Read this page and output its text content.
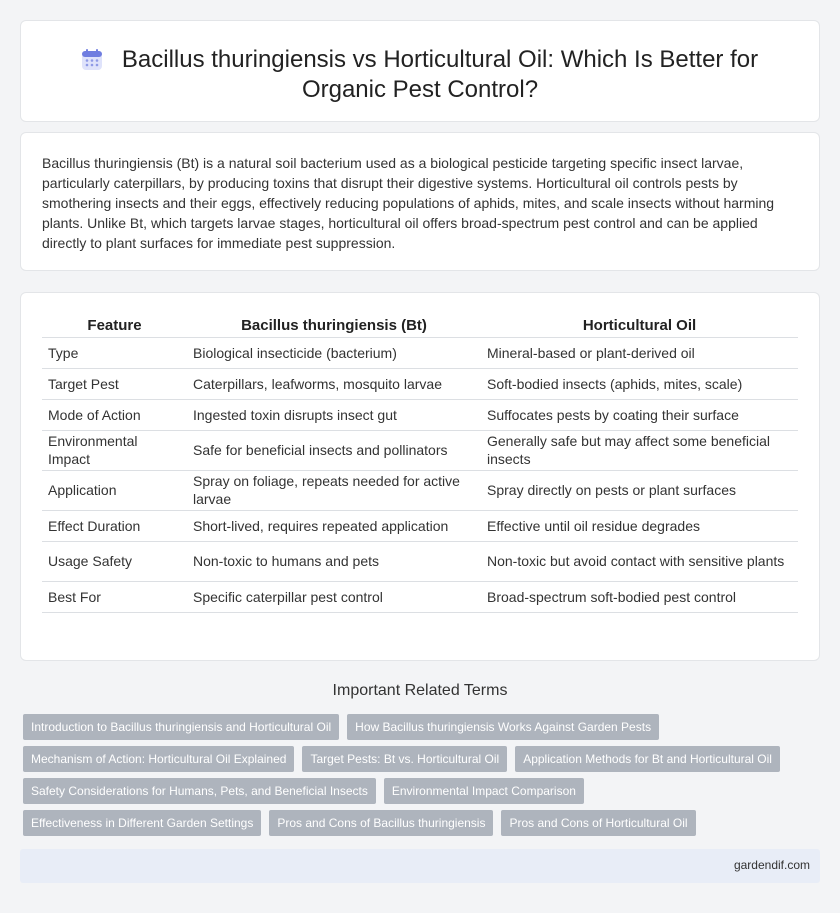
Bacillus thuringiensis vs Horticultural Oil: Which Is Better for
Organic Pest Control?

Bacillus thuringiensis (Bt) is a natural soil bacterium used as a biological pesticide targeting specific insect larvae, particularly caterpillars, by producing toxins that disrupt their digestive systems. Horticultural oil controls pests by smothering insects and their eggs, effectively reducing populations of aphids, mites, and scale insects without harming plants. Unlike Bt, which targets larvae stages, horticultural oil offers broad-spectrum pest control and can be applied directly to plant surfaces for immediate pest suppression.

Feature	Bacillus thuringiensis (Bt)	Horticultural Oil
Type	Biological insecticide (bacterium)	Mineral-based or plant-derived oil
Target Pest	Caterpillars, leafworms, mosquito larvae	Soft-bodied insects (aphids, mites, scale)
Mode of Action	Ingested toxin disrupts insect gut	Suffocates pests by coating their surface
Environmental Impact	Safe for beneficial insects and pollinators	Generally safe but may affect some beneficial insects
Application	Spray on foliage, repeats needed for active larvae	Spray directly on pests or plant surfaces
Effect Duration	Short-lived, requires repeated application	Effective until oil residue degrades
Usage Safety	Non-toxic to humans and pets	Non-toxic but avoid contact with sensitive plants
Best For	Specific caterpillar pest control	Broad-spectrum soft-bodied pest control
Important Related Terms
Introduction to Bacillus thuringiensis and Horticultural Oil	How Bacillus thuringiensis Works Against Garden Pests
Mechanism of Action: Horticultural Oil Explained	Target Pests: Bt vs. Horticultural Oil	Application Methods for Bt and Horticultural Oil
Safety Considerations for Humans, Pets, and Beneficial Insects	Environmental Impact Comparison
Effectiveness in Different Garden Settings	Pros and Cons of Bacillus thuringiensis	Pros and Cons of Horticultural Oil
gardendif.com
